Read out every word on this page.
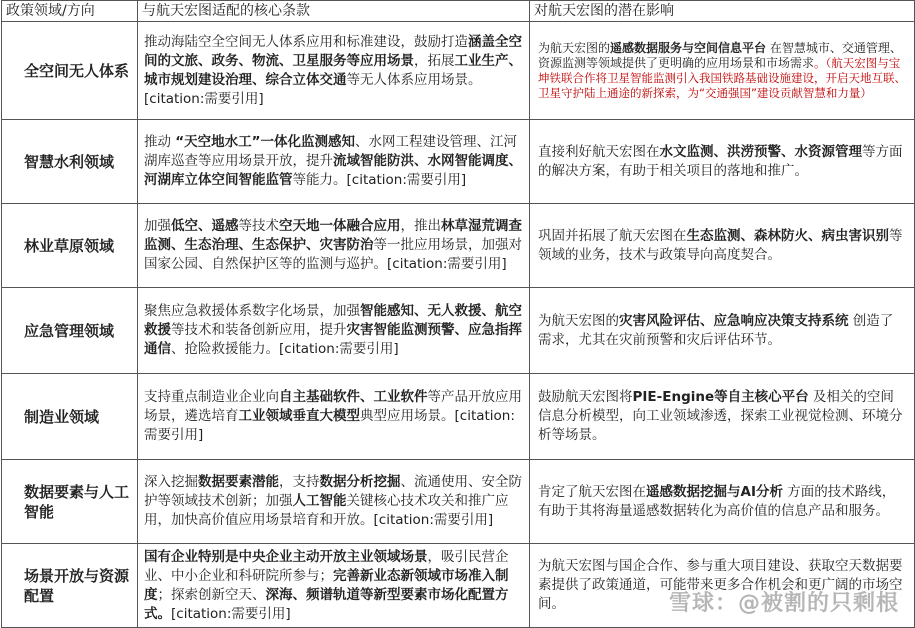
政策领域/方向	与航天宏图适配的核心条款	对航天宏图的潜在影响
全空间无人体系	推动海陆空全空间无人体系应用和标准建设，鼓励打造涵盖全空间的文旅、政务、物流、卫星服务等应用场景，拓展工业生产、城市规划建设治理、综合立体交通等无人体系应用场景。[citation:需要引用]	为航天宏图的遥感数据服务与空间信息平台 在智慧城市、交通管理、资源监测等领域提供了更明确的应用场景和市场需求。（航天宏图与宝坤铁联合作将卫星智能监测引入我国铁路基础设施建设，开启天地互联、卫星守护陆上通途的新探索，为“交通强国”建设贡献智慧和力量）
智慧水利领域	推动 “天空地水工”一体化监测感知、水网工程建设管理、江河湖库巡查等应用场景开放，提升流域智能防洪、水网智能调度、河湖库立体空间智能监管等能力。[citation:需要引用]	直接利好航天宏图在水文监测、洪涝预警、水资源管理等方面的解决方案，有助于相关项目的落地和推广。
林业草原领域	加强低空、遥感等技术空天地一体融合应用，推出林草湿荒调查监测、生态治理、生态保护、灾害防治等一批应用场景，加强对国家公园、自然保护区等的监测与巡护。[citation:需要引用]	巩固并拓展了航天宏图在生态监测、森林防火、病虫害识别等领域的业务，技术与政策导向高度契合。
应急管理领域	聚焦应急救援体系数字化场景，加强智能感知、无人救援、航空救援等技术和装备创新应用，提升灾害智能监测预警、应急指挥通信、抢险救援能力。[citation:需要引用]	为航天宏图的灾害风险评估、应急响应决策支持系统 创造了需求，尤其在灾前预警和灾后评估环节。
制造业领域	支持重点制造业企业向自主基础软件、工业软件等产品开放应用场景，遴选培育工业领域垂直大模型典型应用场景。[citation:需要引用]	鼓励航天宏图将PIE-Engine等自主核心平台 及相关的空间信息分析模型，向工业领域渗透，探索工业视觉检测、环境分析等场景。
数据要素与人工智能	深入挖掘数据要素潜能，支持数据分析挖掘、流通使用、安全防护等领域技术创新；加强人工智能关键核心技术攻关和推广应用，加快高价值应用场景培育和开放。[citation:需要引用]	肯定了航天宏图在遥感数据挖掘与AI分析 方面的技术路线，有助于其将海量遥感数据转化为高价值的信息产品和服务。
场景开放与资源配置	国有企业特别是中央企业主动开放主业领域场景，吸引民营企业、中小企业和科研院所参与；完善新业态新领域市场准入制度；探索创新空天、深海、频谱轨道等新型要素市场化配置方式。[citation:需要引用]	为航天宏图与国企合作、参与重大项目建设、获取空天数据要素提供了政策通道，可能带来更多合作机会和更广阔的市场空间。	雪球：@被割的只剩根
